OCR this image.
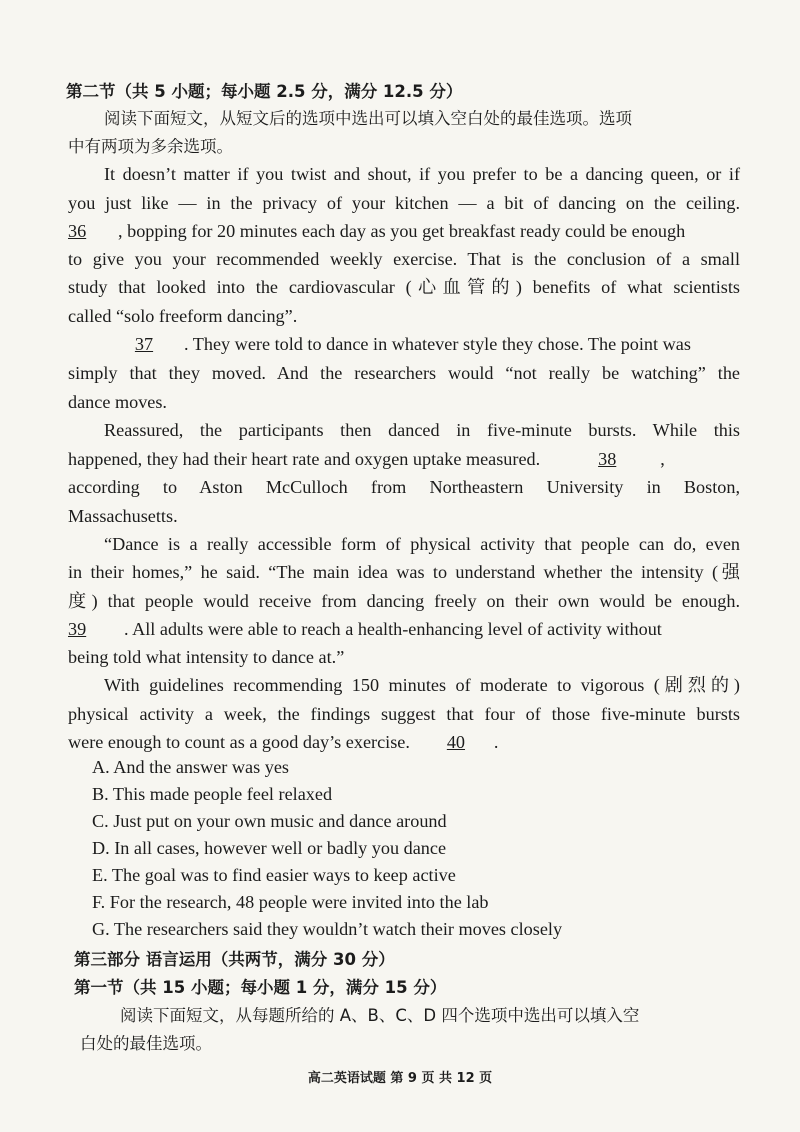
第二节（共 5 小题；每小题 2.5 分，满分 12.5 分）
阅读下面短文，从短文后的选项中选出可以填入空白处的最佳选项。选项
中有两项为多余选项。
It doesn’t matter if you twist and shout, if you prefer to be a dancing queen, or if
you just like — in the privacy of your kitchen — a bit of dancing on the ceiling.
36 , bopping for 20 minutes each day as you get breakfast ready could be enough
to give you your recommended weekly exercise. That is the conclusion of a small
study that looked into the cardiovascular (心血管的) benefits of what scientists
called “solo freeform dancing”.
37 . They were told to dance in whatever style they chose. The point was
simply that they moved. And the researchers would “not really be watching” the
dance moves.
Reassured, the participants then danced in five-minute bursts. While this
happened, they had their heart rate and oxygen uptake measured.	38 ,
according to Aston McCulloch from Northeastern University in Boston,
Massachusetts.
“Dance is a really accessible form of physical activity that people can do, even
in their homes,” he said. “The main idea was to understand whether the intensity (强
度) that people would receive from dancing freely on their own would be enough.
39 . All adults were able to reach a health-enhancing level of activity without
being told what intensity to dance at.”
With guidelines recommending 150 minutes of moderate to vigorous (剧烈的)
physical activity a week, the findings suggest that four of those five-minute bursts
were enough to count as a good day’s exercise. 40 .
A. And the answer was yes
B. This made people feel relaxed
C. Just put on your own music and dance around
D. In all cases, however well or badly you dance
E. The goal was to find easier ways to keep active
F. For the research, 48 people were invited into the lab
G. The researchers said they wouldn’t watch their moves closely
第三部分 语言运用（共两节，满分 30 分）
第一节（共 15 小题；每小题 1 分，满分 15 分）
阅读下面短文，从每题所给的 A、B、C、D 四个选项中选出可以填入空
白处的最佳选项。
高二英语试题 第 9 页 共 12 页
